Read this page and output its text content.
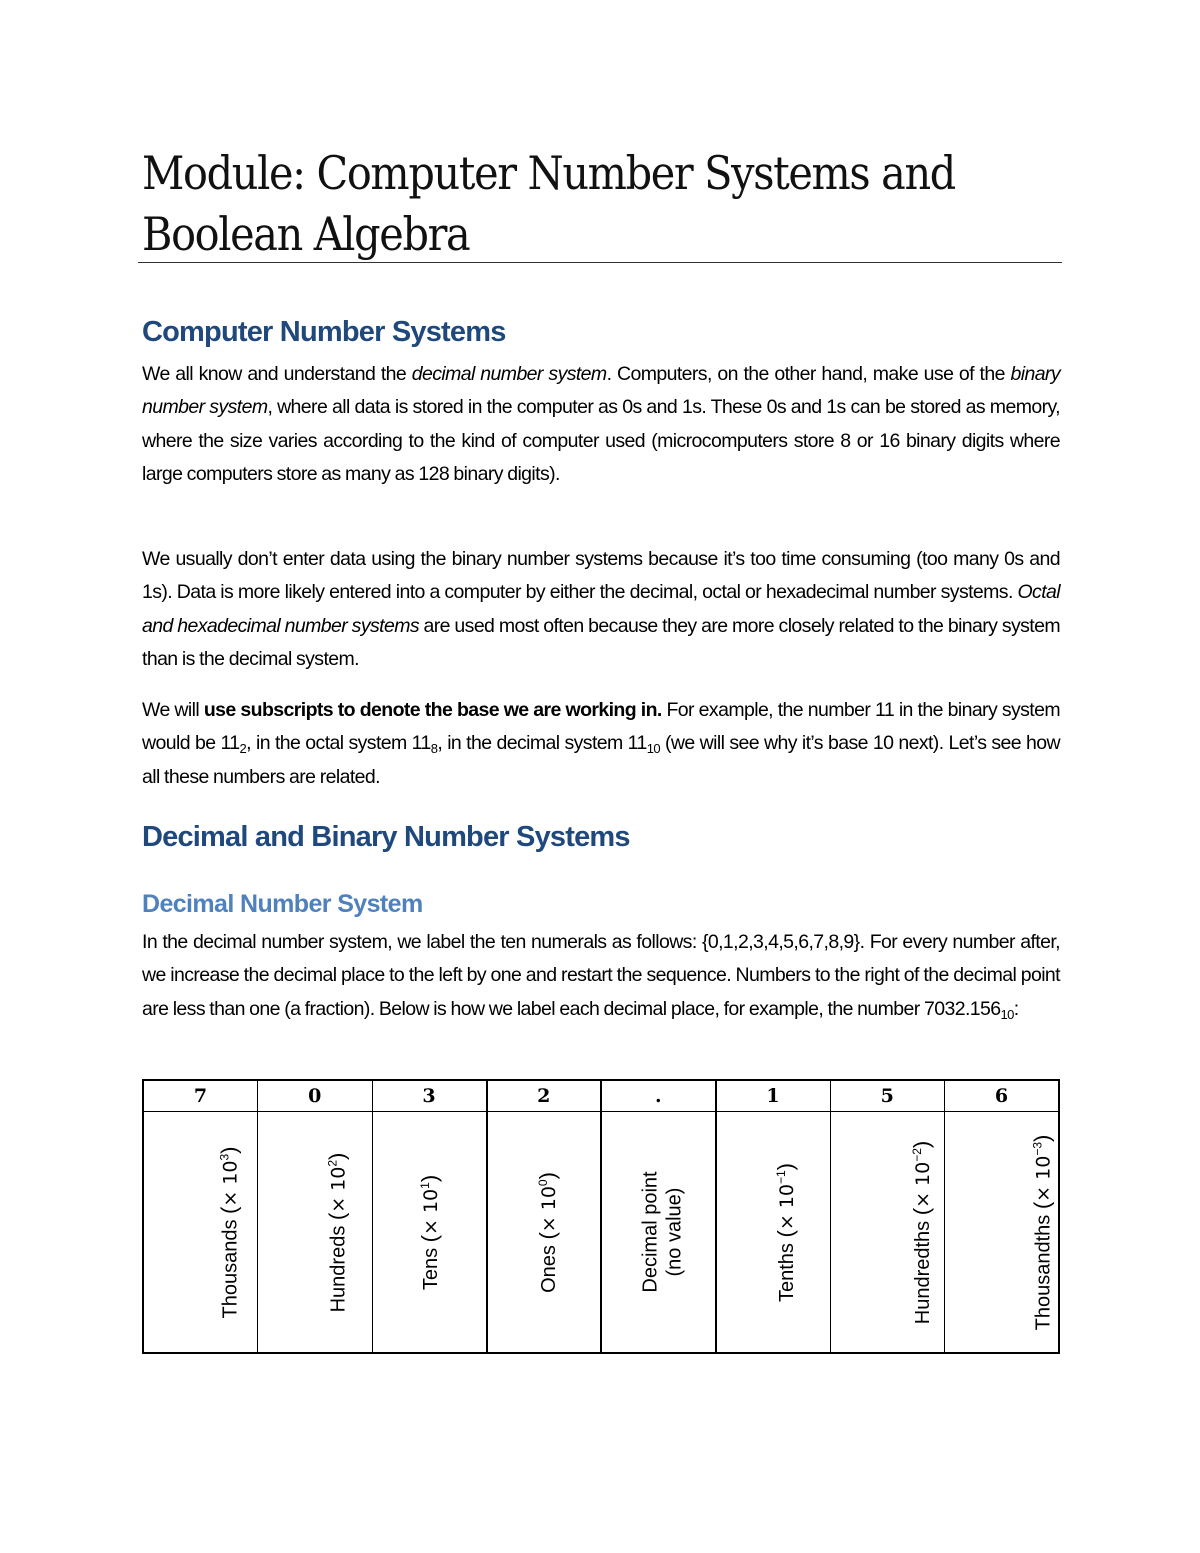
Module: Computer Number Systems and
Boolean Algebra
Computer Number Systems

We all know and understand the decimal number system. Computers, on the other hand, make use of the binary number system, where all data is stored in the computer as 0s and 1s. These 0s and 1s can be stored as memory, where the size varies according to the kind of computer used (microcomputers store 8 or 16 binary digits where large computers store as many as 128 binary digits).

We usually don’t enter data using the binary number systems because it’s too time consuming (too many 0s and 1s). Data is more likely entered into a computer by either the decimal, octal or hexadecimal number systems. Octal and hexadecimal number systems are used most often because they are more closely related to the binary system than is the decimal system.

We will use subscripts to denote the base we are working in. For example, the number 11 in the binary system would be $11_2$, in the octal system $11_8$, in the decimal system $11_{10}$ (we will see why it’s base 10 next). Let’s see how all these numbers are related.

Decimal and Binary Number Systems
Decimal Number System

In the decimal number system, we label the ten numerals as follows: {0,1,2,3,4,5,6,7,8,9}. For every number after, we increase the decimal place to the left by one and restart the sequence. Numbers to the right of the decimal point are less than one (a fraction). Below is how we label each decimal place, for example, the number $7032.156_{10}$:

7	0	3	2	.	1	5	6
Thousands (× $10^3$)	Hundreds (× $10^2$)	Tens (× $10^1$)	Ones (× $10^0$)	Decimal point (no value)	Tenths (× $10^{-1}$)	Hundredths (× $10^{-2}$)	Thousandths (× $10^{-3}$)
